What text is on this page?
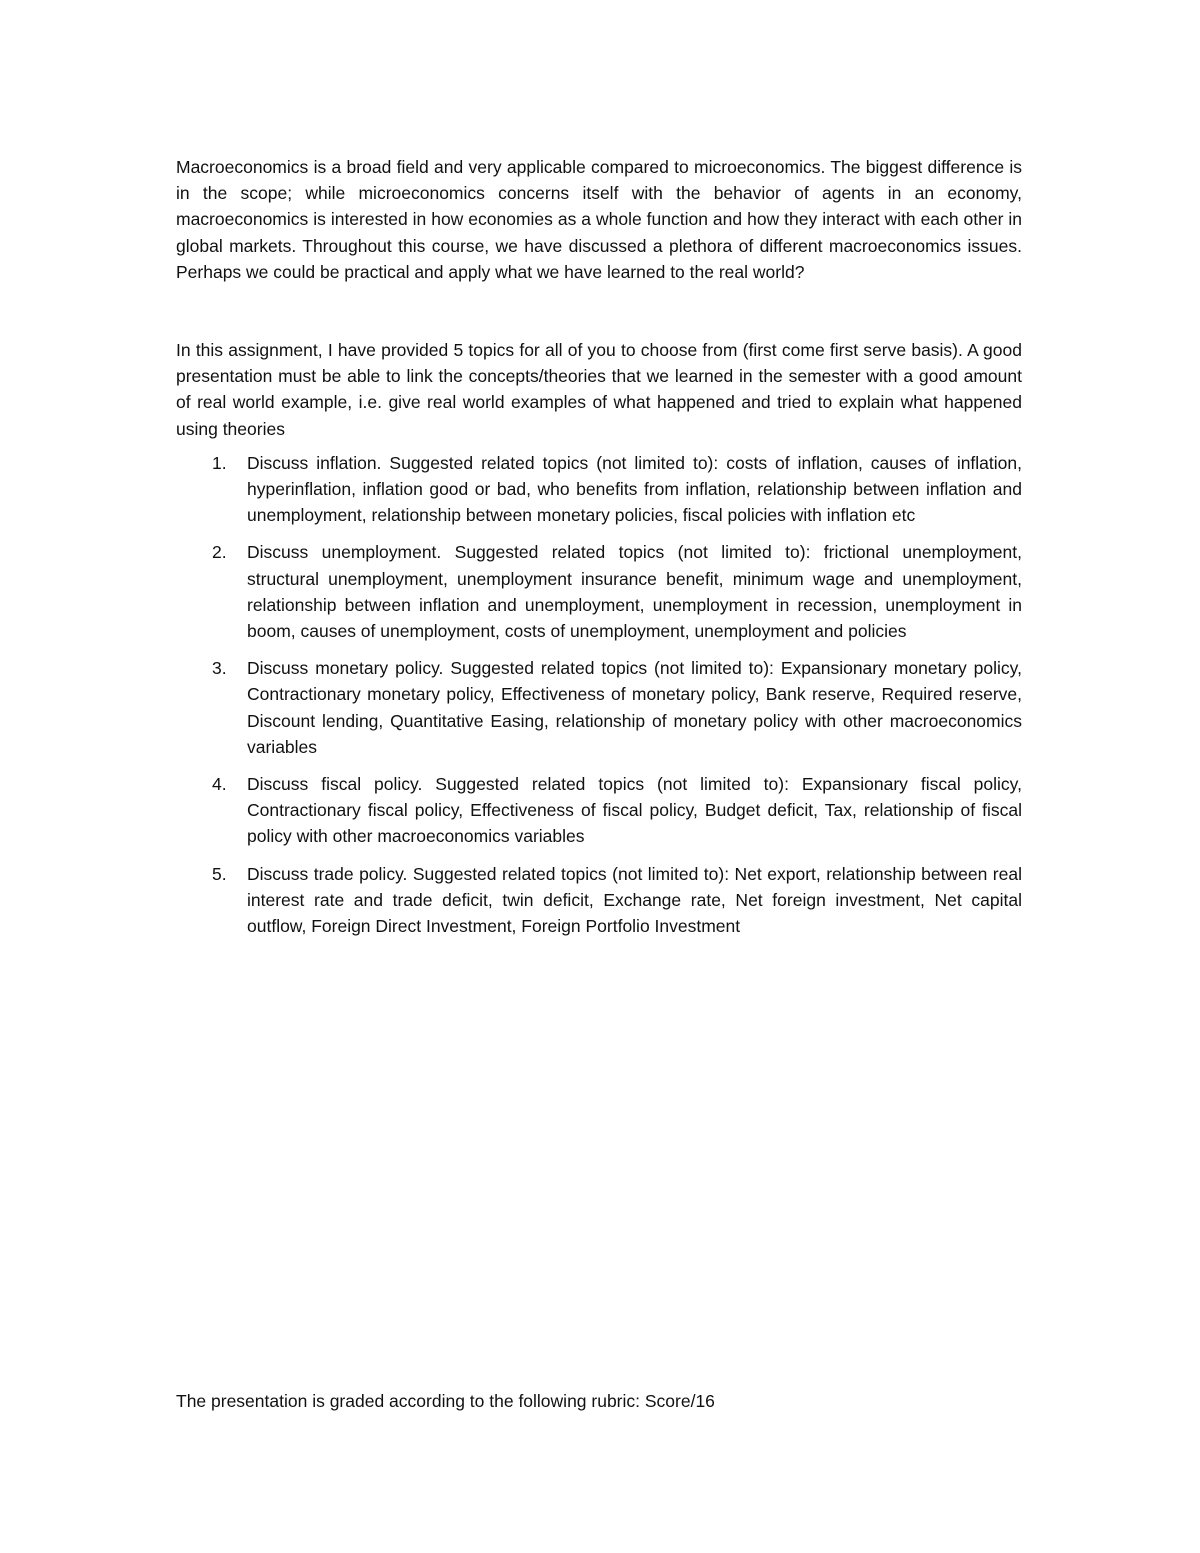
Macroeconomics is a broad field and very applicable compared to microeconomics. The biggest difference is in the scope; while microeconomics concerns itself with the behavior of agents in an economy, macroeconomics is interested in how economies as a whole function and how they interact with each other in global markets. Throughout this course, we have discussed a plethora of different macroeconomics issues. Perhaps we could be practical and apply what we have learned to the real world?

In this assignment, I have provided 5 topics for all of you to choose from (first come first serve basis). A good presentation must be able to link the concepts/theories that we learned in the semester with a good amount of real world example, i.e. give real world examples of what happened and tried to explain what happened using theories

1.	Discuss inflation. Suggested related topics (not limited to): costs of inflation, causes of inflation, hyperinflation, inflation good or bad, who benefits from inflation, relationship between inflation and unemployment, relationship between monetary policies, fiscal policies with inflation etc
2.	Discuss unemployment. Suggested related topics (not limited to): frictional unemployment, structural unemployment, unemployment insurance benefit, minimum wage and unemployment, relationship between inflation and unemployment, unemployment in recession, unemployment in boom, causes of unemployment, costs of unemployment, unemployment and policies
3.	Discuss monetary policy. Suggested related topics (not limited to): Expansionary monetary policy, Contractionary monetary policy, Effectiveness of monetary policy, Bank reserve, Required reserve, Discount lending, Quantitative Easing, relationship of monetary policy with other macroeconomics variables
4.	Discuss fiscal policy. Suggested related topics (not limited to): Expansionary fiscal policy, Contractionary fiscal policy, Effectiveness of fiscal policy, Budget deficit, Tax, relationship of fiscal policy with other macroeconomics variables
5.	Discuss trade policy. Suggested related topics (not limited to): Net export, relationship between real interest rate and trade deficit, twin deficit, Exchange rate, Net foreign investment, Net capital outflow, Foreign Direct Investment, Foreign Portfolio Investment

The presentation is graded according to the following rubric: Score/16
